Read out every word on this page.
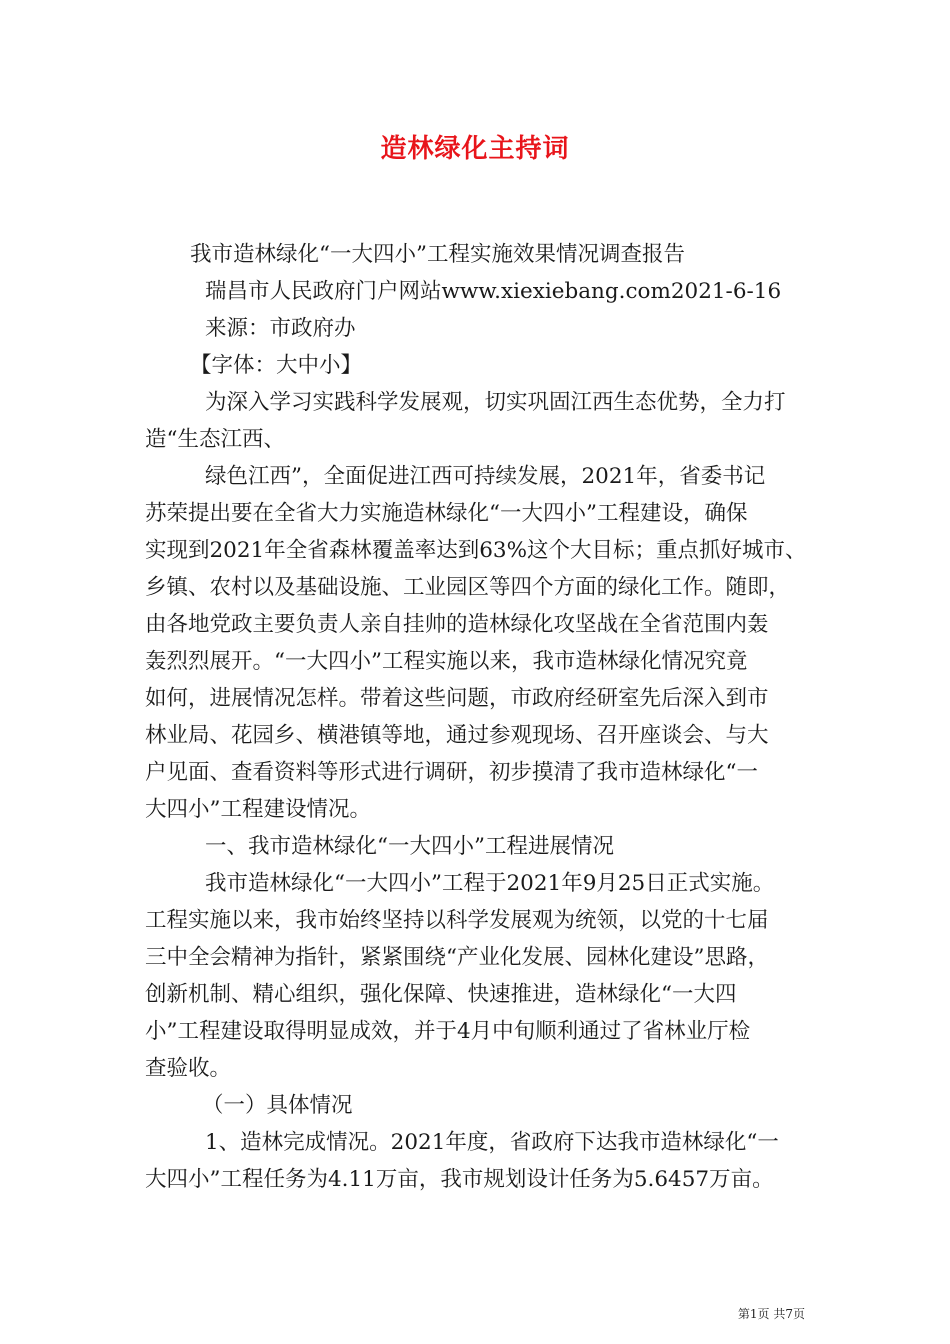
造林绿化主持词

我市造林绿化“一大四小”工程实施效果情况调查报告

瑞昌市人民政府门户网站www.xiexiebang.com2021-6-16

来源：市政府办

【字体：大中小】

为深入学习实践科学发展观，切实巩固江西生态优势，全力打

造“生态江西、

绿色江西”，全面促进江西可持续发展，2021年，省委书记

苏荣提出要在全省大力实施造林绿化“一大四小”工程建设，确保

实现到2021年全省森林覆盖率达到63%这个大目标；重点抓好城市、

乡镇、农村以及基础设施、工业园区等四个方面的绿化工作。随即，

由各地党政主要负责人亲自挂帅的造林绿化攻坚战在全省范围内轰

轰烈烈展开。“一大四小”工程实施以来，我市造林绿化情况究竟

如何，进展情况怎样。带着这些问题，市政府经研室先后深入到市

林业局、花园乡、横港镇等地，通过参观现场、召开座谈会、与大

户见面、查看资料等形式进行调研，初步摸清了我市造林绿化“一

大四小”工程建设情况。

一、我市造林绿化“一大四小”工程进展情况

我市造林绿化“一大四小”工程于2021年9月25日正式实施。

工程实施以来，我市始终坚持以科学发展观为统领，以党的十七届

三中全会精神为指针，紧紧围绕“产业化发展、园林化建设”思路，

创新机制、精心组织，强化保障、快速推进，造林绿化“一大四

小”工程建设取得明显成效，并于4月中旬顺利通过了省林业厅检

查验收。

（一）具体情况

1、造林完成情况。2021年度，省政府下达我市造林绿化“一

大四小”工程任务为4.11万亩，我市规划设计任务为5.6457万亩。

第1页 共7页
